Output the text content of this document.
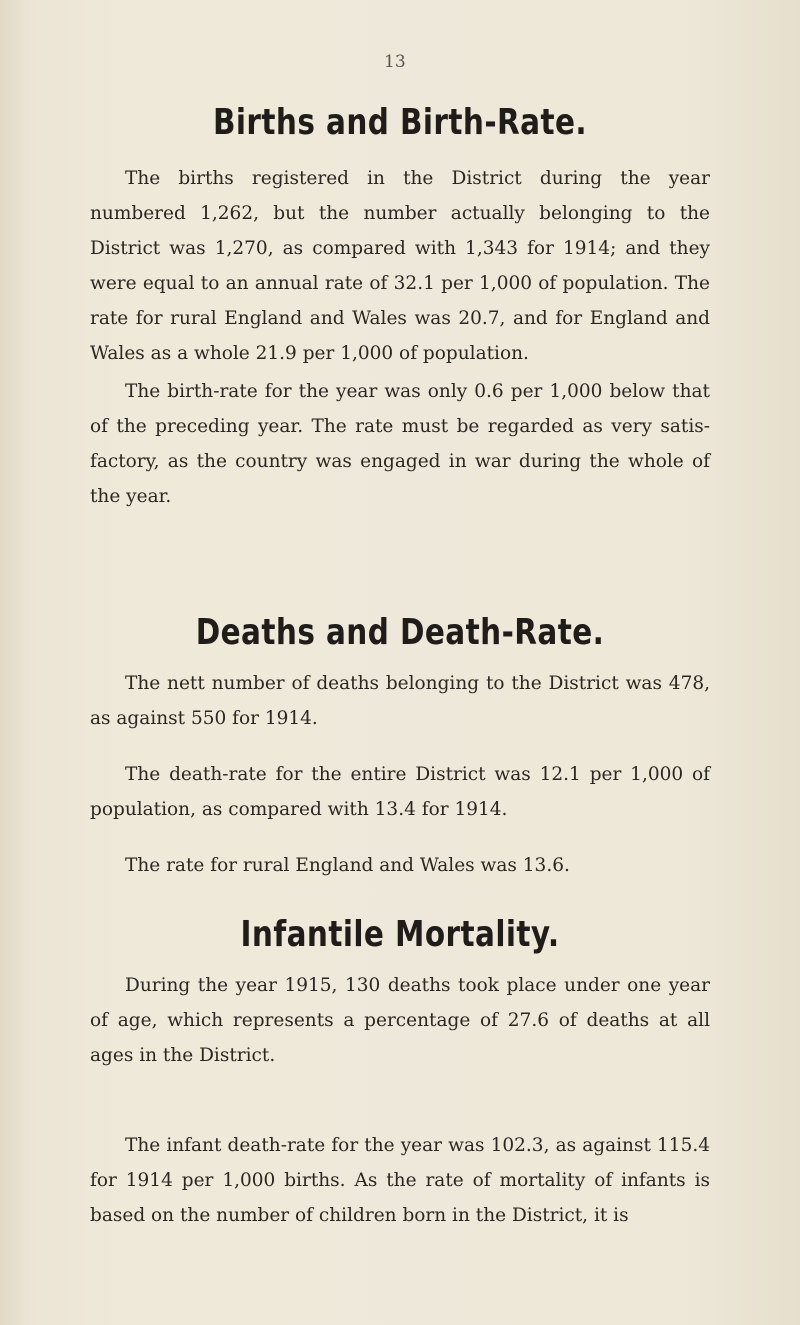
13
Births and Birth-Rate.
The births registered in the District during the year numbered 1,262, but the number actually belonging to the District was 1,270, as compared with 1,343 for 1914; and they were equal to an annual rate of 32.1 per 1,000 of population. The rate for rural England and Wales was 20.7, and for England and Wales as a whole 21.9 per 1,000 of population.
The birth-rate for the year was only 0.6 per 1,000 below that of the preceding year. The rate must be regarded as very satis-factory, as the country was engaged in war during the whole of the year.
Deaths and Death-Rate.
The nett number of deaths belonging to the District was 478, as against 550 for 1914.
The death-rate for the entire District was 12.1 per 1,000 of population, as compared with 13.4 for 1914.
The rate for rural England and Wales was 13.6.
Infantile Mortality.
During the year 1915, 130 deaths took place under one year of age, which represents a percentage of 27.6 of deaths at all ages in the District.
The infant death-rate for the year was 102.3, as against 115.4 for 1914 per 1,000 births. As the rate of mortality of infants is based on the number of children born in the District, it is
